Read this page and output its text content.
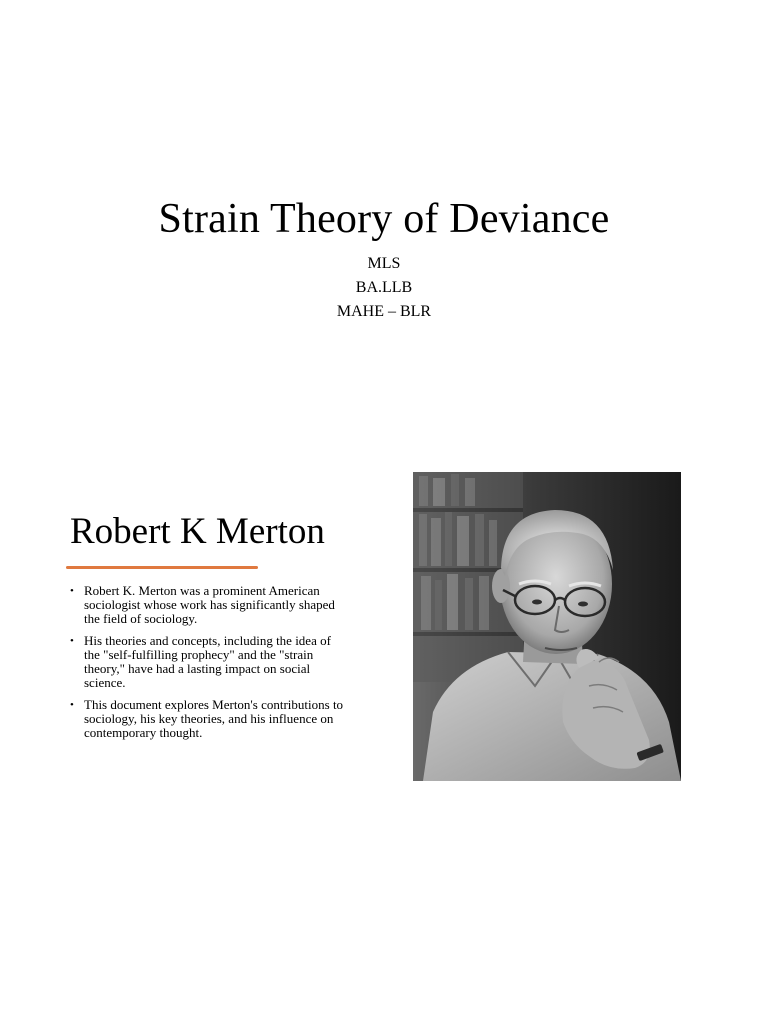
Strain Theory of Deviance

MLS

BA.LLB

MAHE – BLR

Robert K Merton
• Robert K. Merton was a prominent American sociologist whose work has significantly shaped the field of sociology.
• His theories and concepts, including the idea of the "self-fulfilling prophecy" and the "strain theory," have had a lasting impact on social science.
• This document explores Merton's contributions to sociology, his key theories, and his influence on contemporary thought.
